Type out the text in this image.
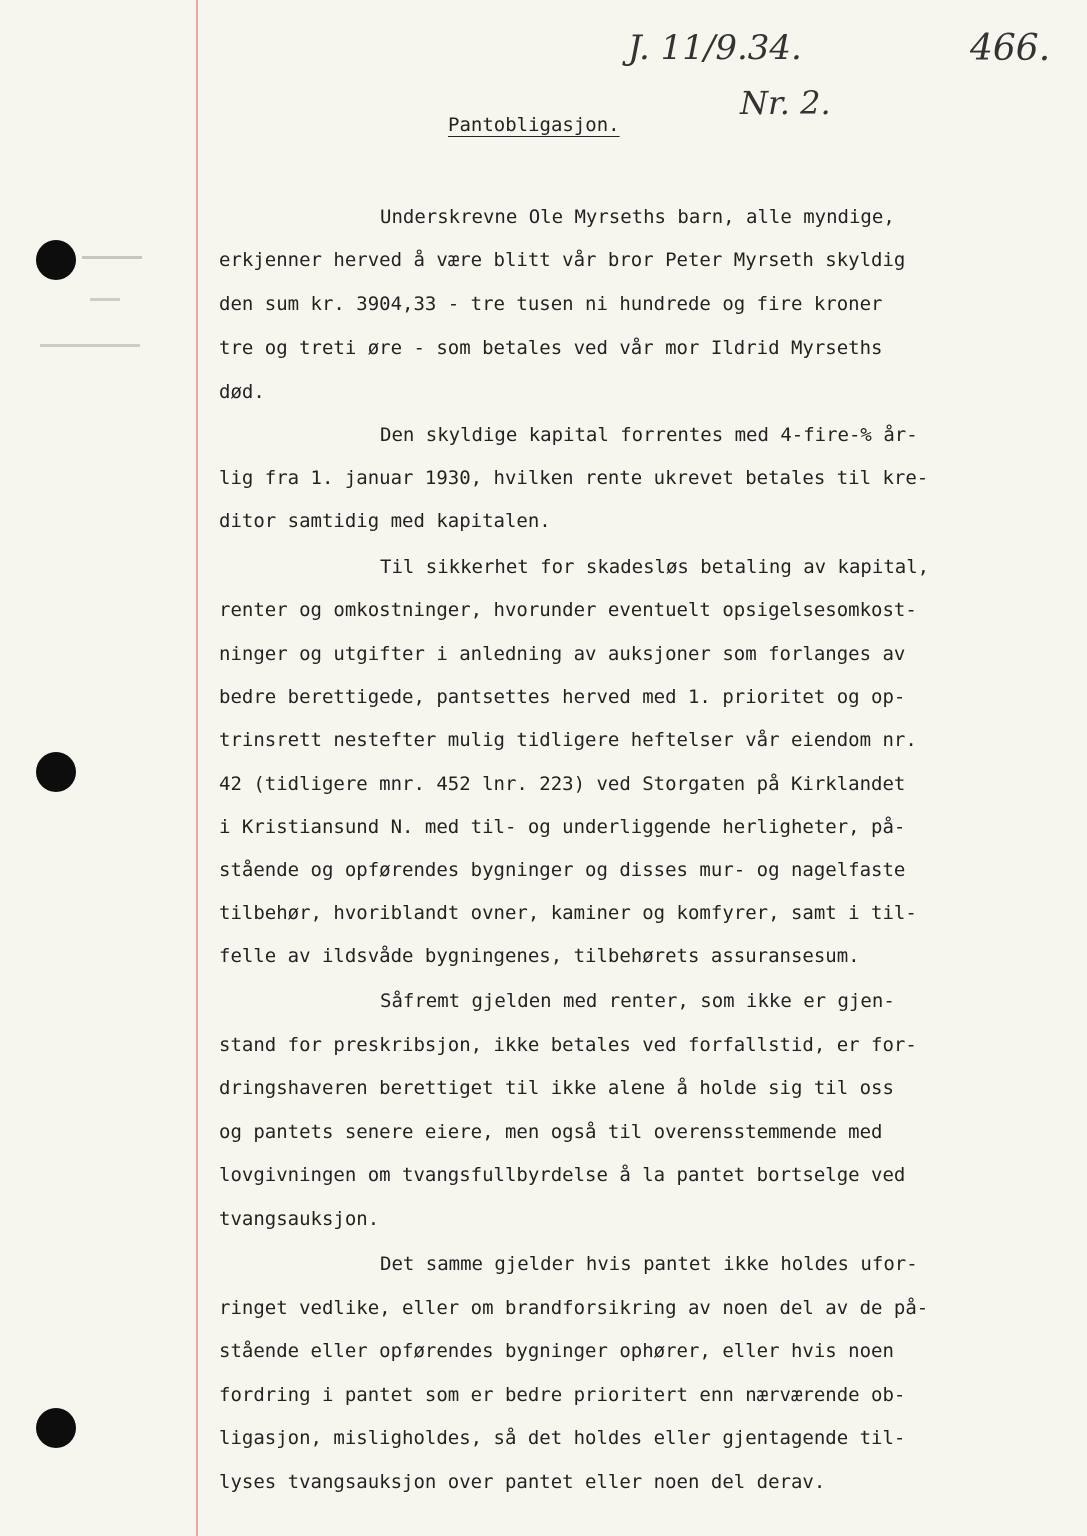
J. 11/9.34.	466.
Nr. 2.
Pantobligasjon.
Underskrevne Ole Myrseths barn, alle myndige,
erkjenner herved å være blitt vår bror Peter Myrseth skyldig
den sum kr. 3904,33 - tre tusen ni hundrede og fire kroner
tre og treti øre - som betales ved vår mor Ildrid Myrseths
død.
Den skyldige kapital forrentes med 4-fire-% år-
lig fra 1. januar 1930, hvilken rente ukrevet betales til kre-
ditor samtidig med kapitalen.
Til sikkerhet for skadesløs betaling av kapital,
renter og omkostninger, hvorunder eventuelt opsigelsesomkost-
ninger og utgifter i anledning av auksjoner som forlanges av
bedre berettigede, pantsettes herved med 1. prioritet og op-
trinsrett nestefter mulig tidligere heftelser vår eiendom nr.
42 (tidligere mnr. 452 lnr. 223) ved Storgaten på Kirklandet
i Kristiansund N. med til- og underliggende herligheter, på-
stående og opførendes bygninger og disses mur- og nagelfaste
tilbehør, hvoriblandt ovner, kaminer og komfyrer, samt i til-
felle av ildsvåde bygningenes, tilbehørets assuransesum.
Såfremt gjelden med renter, som ikke er gjen-
stand for preskribsjon, ikke betales ved forfallstid, er for-
dringshaveren berettiget til ikke alene å holde sig til oss
og pantets senere eiere, men også til overensstemmende med
lovgivningen om tvangsfullbyrdelse å la pantet bortselge ved
tvangsauksjon.
Det samme gjelder hvis pantet ikke holdes ufor-
ringet vedlike, eller om brandforsikring av noen del av de på-
stående eller opførendes bygninger ophører, eller hvis noen
fordring i pantet som er bedre prioritert enn nærværende ob-
ligasjon, misligholdes, så det holdes eller gjentagende til-
lyses tvangsauksjon over pantet eller noen del derav.
